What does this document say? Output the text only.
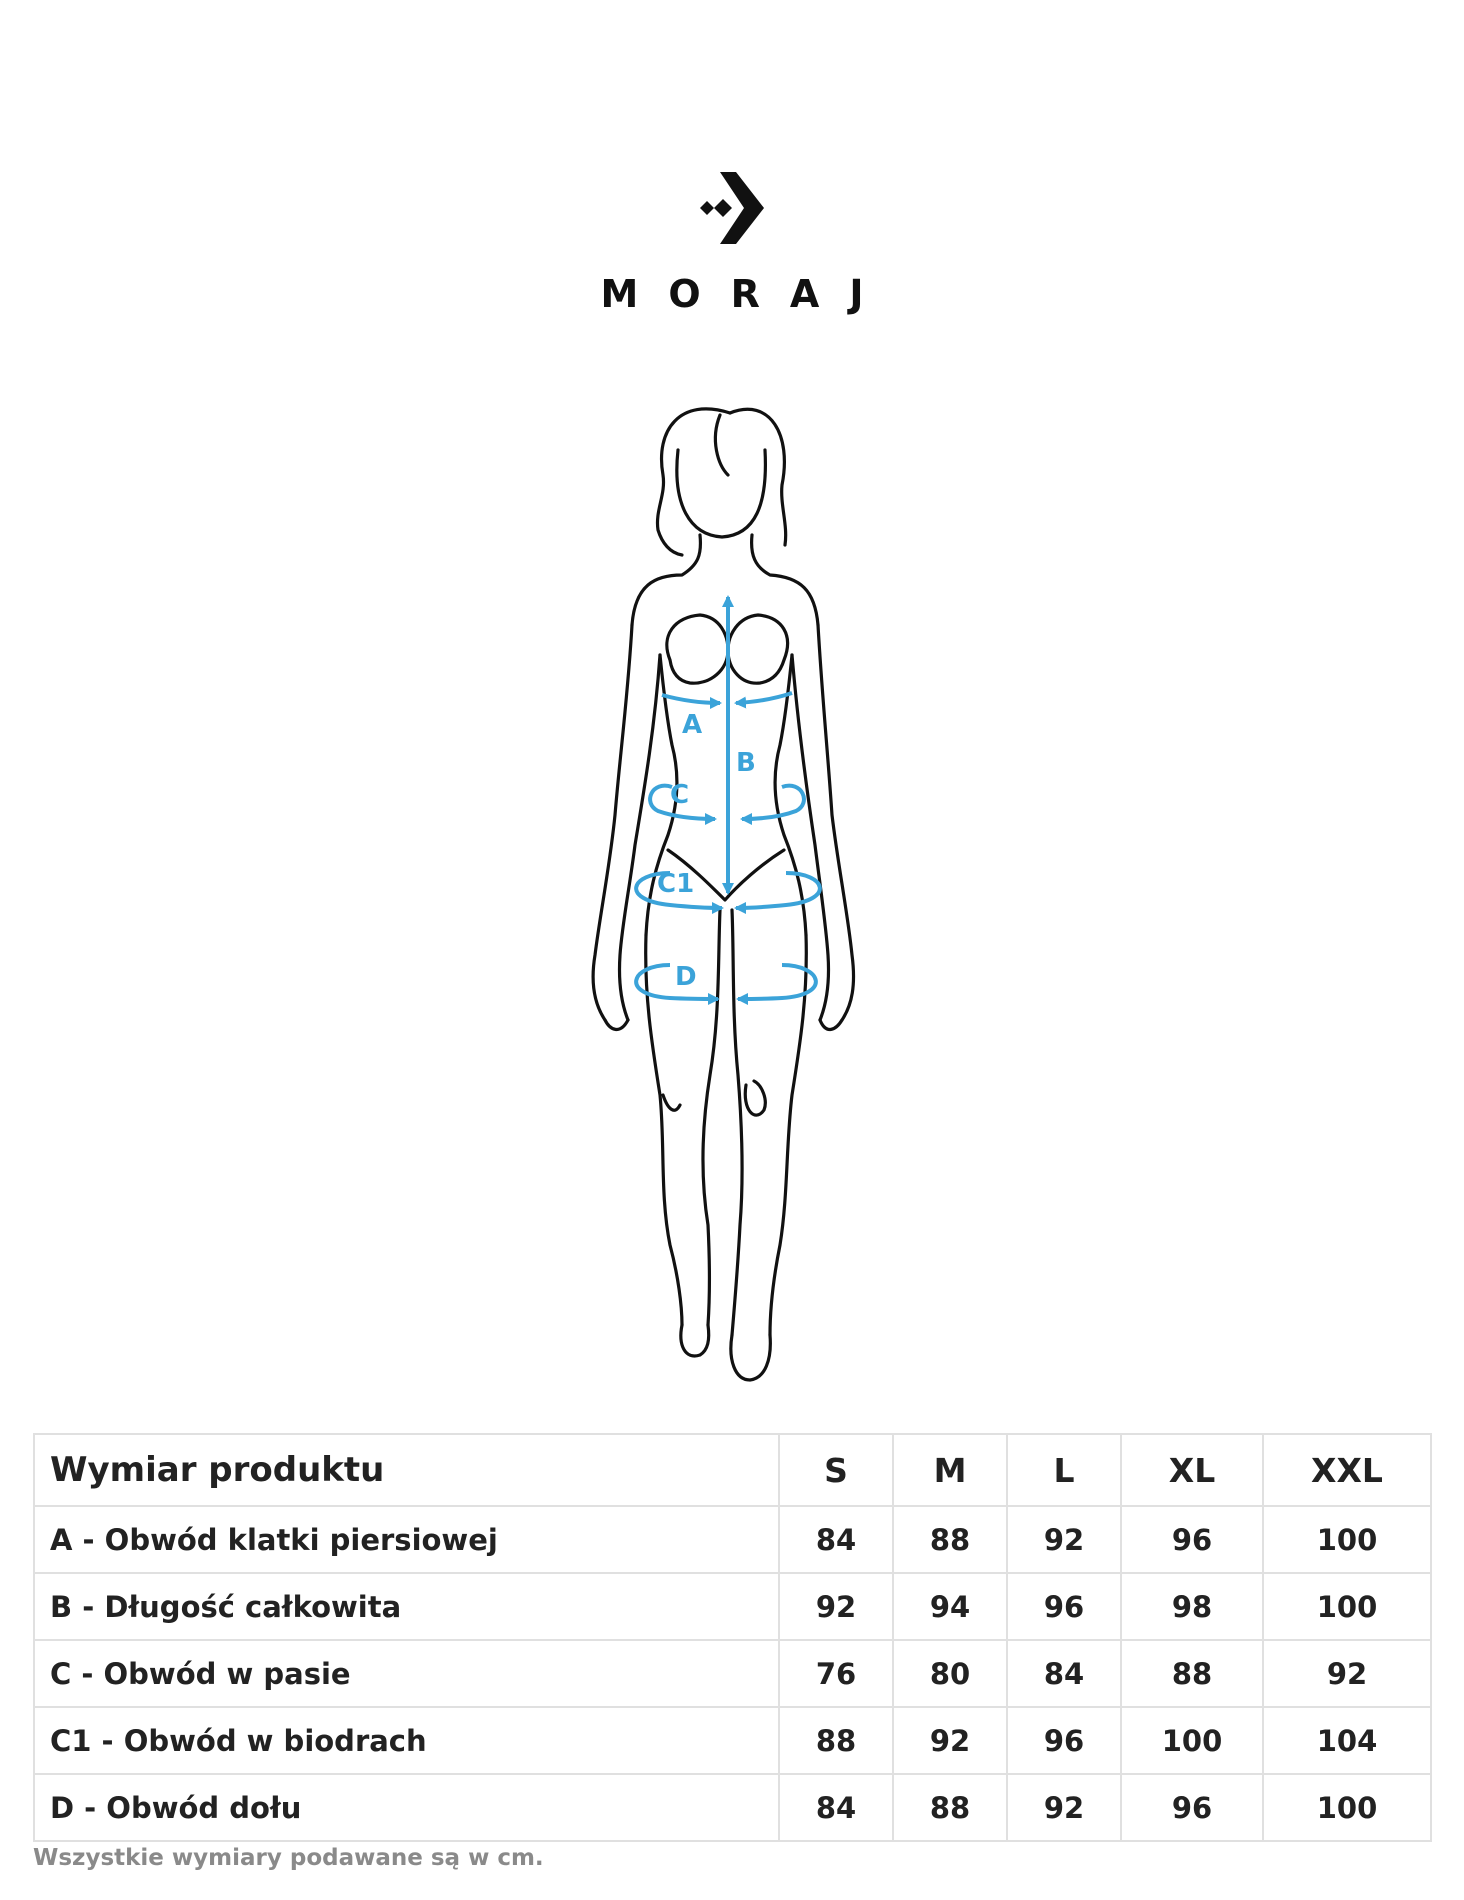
MORAJ
A
B
C
C1
D
Wymiar produktu	S	M	L	XL	XXL
A - Obwód klatki piersiowej	84	88	92	96	100
B - Długość całkowita	92	94	96	98	100
C - Obwód w pasie	76	80	84	88	92
C1 - Obwód w biodrach	88	92	96	100	104
D - Obwód dołu	84	88	92	96	100
Wszystkie wymiary podawane są w cm.
